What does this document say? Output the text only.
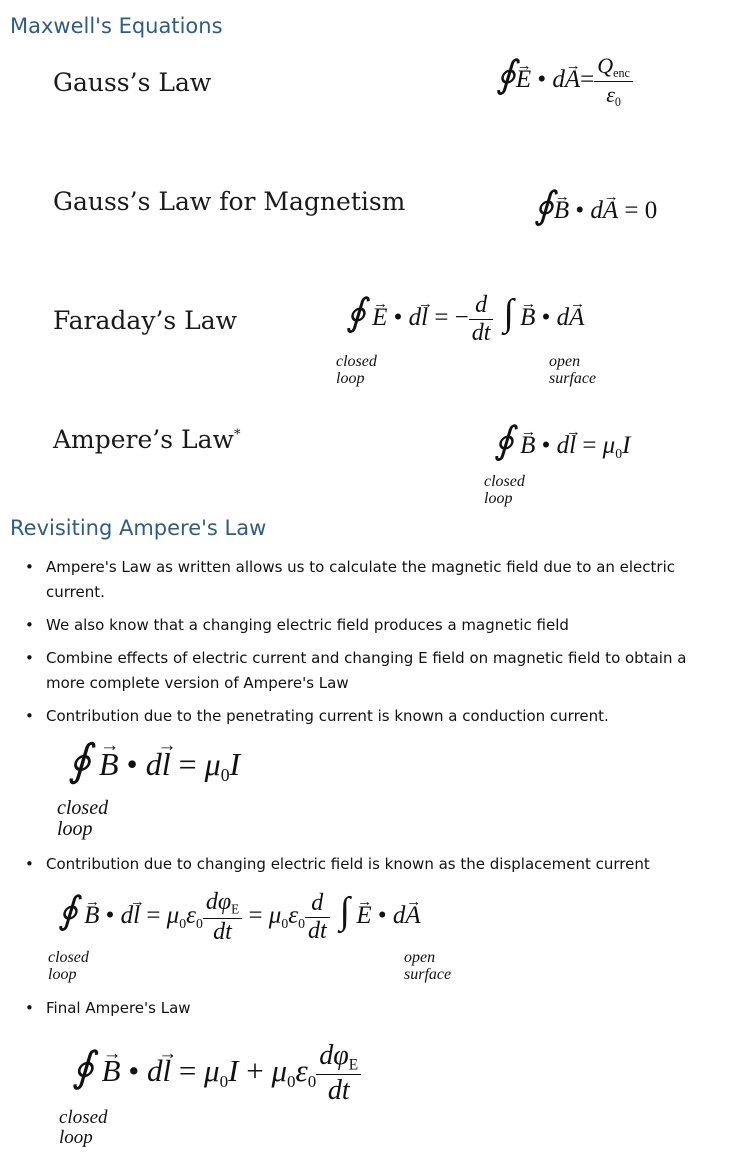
Maxwell's Equations
Gauss’s Law	∮→ E • $d\to A= \frac{Q_{enc}}{\varepsilon_0}$
Gauss’s Law for Magnetism	∮→ B • d→ A = 0
Faraday’s Law	∮ → E • d→ l = − $\frac{d}{dt}$ ∫ → B • d→ A
closed
loop
open
surface
Ampere’s Law*	∮ → B • $d\to l = \mu_0I$
closed
loop
Revisiting Ampere's Law
• Ampere's Law as written allows us to calculate the magnetic field due to an electric current.
• We also know that a changing electric field produces a magnetic field
• Combine effects of electric current and changing E field on magnetic field to obtain a more complete version of Ampere's Law
• Contribution due to the penetrating current is known a conduction current.
∮ → B • $d\to l = \mu_0I$
closed
loop
• Contribution due to changing electric field is known as the displacement current
∮ → B • $d\to l = \mu_0\varepsilon_0 \frac{d\varphi_E}{dt} = \mu_0\varepsilon_0 \frac{d}{dt}$ ∫ → E • d→ A
closed
loop
open
surface
• Final Ampere's Law
∮ → B • $d\to l = \mu_0I + \mu_0\varepsilon_0 \frac{d\varphi_E}{dt}$
closed
loop
